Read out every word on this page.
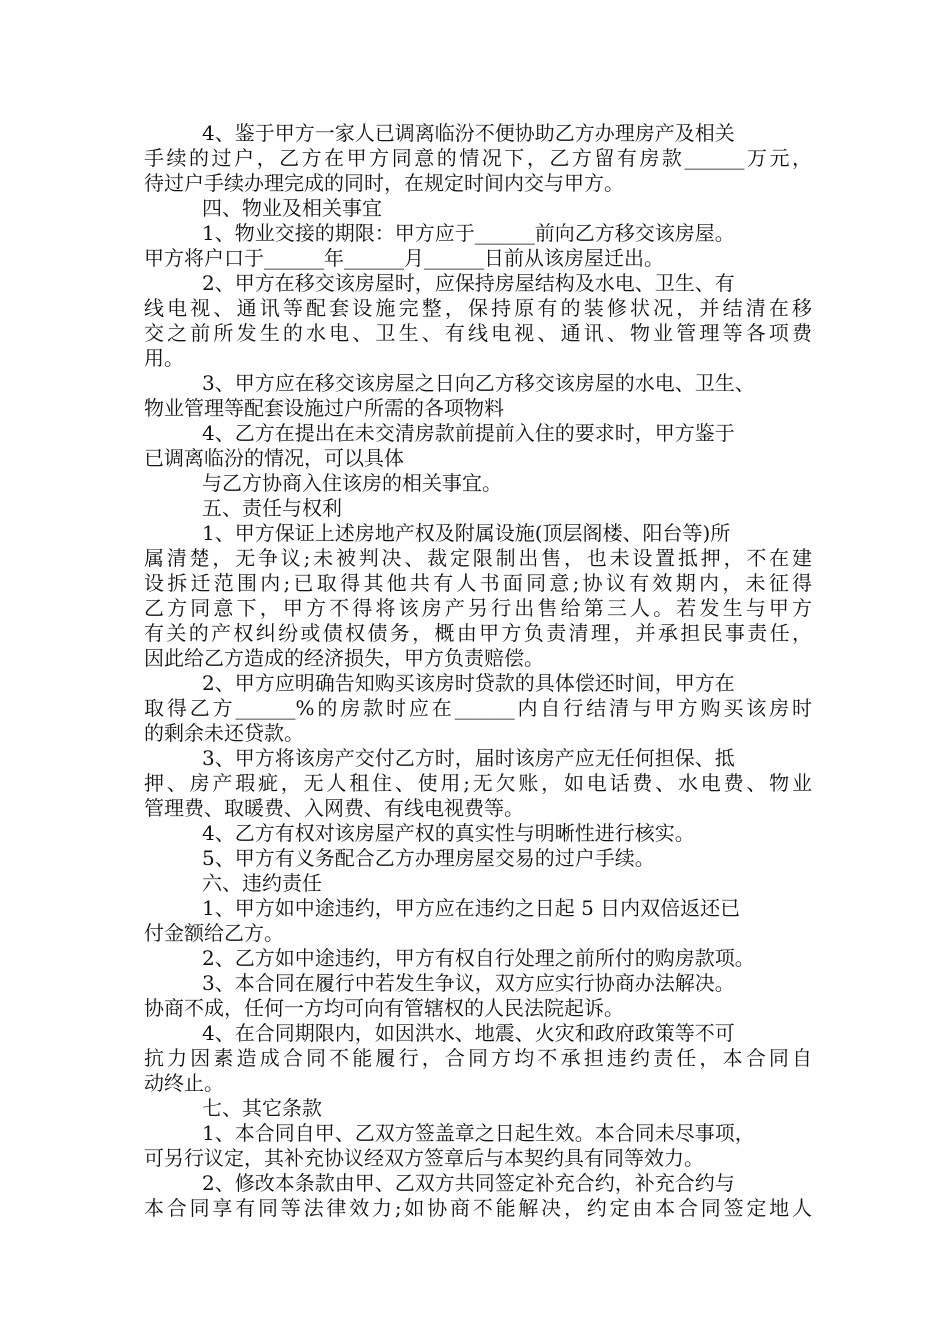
4、鉴于甲方一家人已调离临汾不便协助乙方办理房产及相关
手续的过户，乙方在甲方同意的情况下，乙方留有房款______万元，
待过户手续办理完成的同时，在规定时间内交与甲方。
四、物业及相关事宜
1、物业交接的期限：甲方应于______前向乙方移交该房屋。
甲方将户口于______年______月______日前从该房屋迁出。
2、甲方在移交该房屋时，应保持房屋结构及水电、卫生、有
线电视、通讯等配套设施完整，保持原有的装修状况，并结清在移
交之前所发生的水电、卫生、有线电视、通讯、物业管理等各项费
用。
3、甲方应在移交该房屋之日向乙方移交该房屋的水电、卫生、
物业管理等配套设施过户所需的各项物料
4、乙方在提出在未交清房款前提前入住的要求时，甲方鉴于
已调离临汾的情况，可以具体
与乙方协商入住该房的相关事宜。
五、责任与权利
1、甲方保证上述房地产权及附属设施(顶层阁楼、阳台等)所
属清楚，无争议;未被判决、裁定限制出售，也未设置抵押，不在建
设拆迁范围内;已取得其他共有人书面同意;协议有效期内，未征得
乙方同意下，甲方不得将该房产另行出售给第三人。若发生与甲方
有关的产权纠纷或债权债务，概由甲方负责清理，并承担民事责任，
因此给乙方造成的经济损失，甲方负责赔偿。
2、甲方应明确告知购买该房时贷款的具体偿还时间，甲方在
取得乙方______%的房款时应在______内自行结清与甲方购买该房时
的剩余未还贷款。
3、甲方将该房产交付乙方时，届时该房产应无任何担保、抵
押、房产瑕疵，无人租住、使用;无欠账，如电话费、水电费、物业
管理费、取暖费、入网费、有线电视费等。
4、乙方有权对该房屋产权的真实性与明晰性进行核实。
5、甲方有义务配合乙方办理房屋交易的过户手续。
六、违约责任
1、甲方如中途违约，甲方应在违约之日起 5 日内双倍返还已
付金额给乙方。
2、乙方如中途违约，甲方有权自行处理之前所付的购房款项。
3、本合同在履行中若发生争议，双方应实行协商办法解决。
协商不成，任何一方均可向有管辖权的人民法院起诉。
4、在合同期限内，如因洪水、地震、火灾和政府政策等不可
抗力因素造成合同不能履行，合同方均不承担违约责任，本合同自
动终止。
七、其它条款
1、本合同自甲、乙双方签盖章之日起生效。本合同未尽事项，
可另行议定，其补充协议经双方签章后与本契约具有同等效力。
2、修改本条款由甲、乙双方共同签定补充合约，补充合约与
本合同享有同等法律效力;如协商不能解决，约定由本合同签定地人
